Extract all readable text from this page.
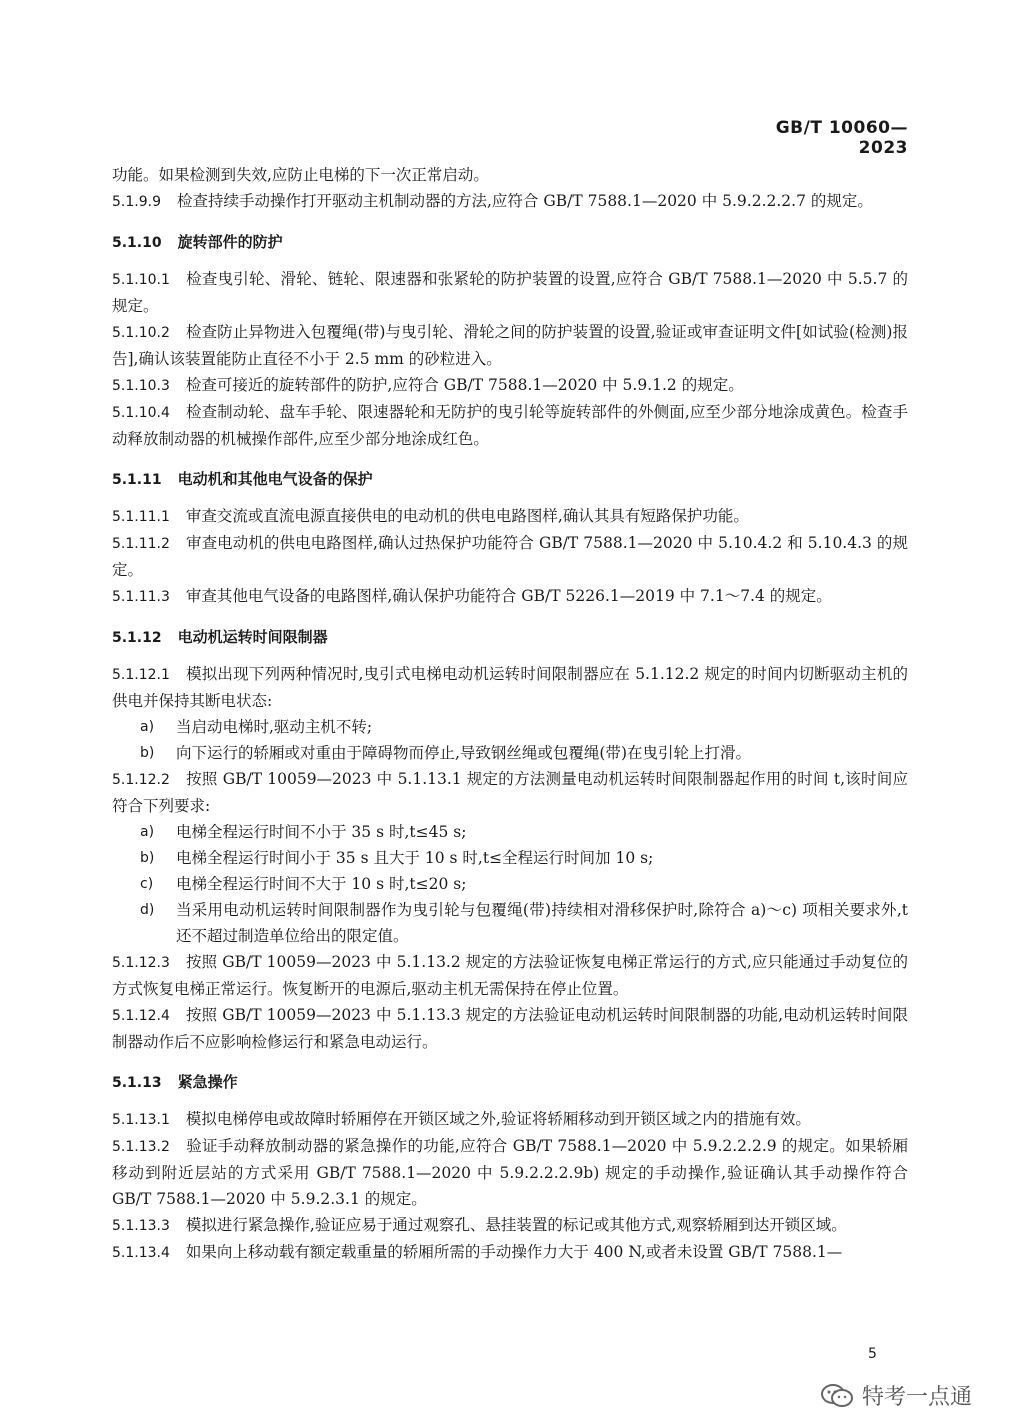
GB/T 10060—2023
功能。如果检测到失效,应防止电梯的下一次正常启动。
5.1.9.9 检查持续手动操作打开驱动主机制动器的方法,应符合 GB/T 7588.1—2020 中 5.9.2.2.2.7 的规定。
5.1.10 旋转部件的防护
5.1.10.1 检查曳引轮、滑轮、链轮、限速器和张紧轮的防护装置的设置,应符合 GB/T 7588.1—2020 中 5.5.7 的规定。
5.1.10.2 检查防止异物进入包覆绳(带)与曳引轮、滑轮之间的防护装置的设置,验证或审查证明文件[如试验(检测)报告],确认该装置能防止直径不小于 2.5 mm 的砂粒进入。
5.1.10.3 检查可接近的旋转部件的防护,应符合 GB/T 7588.1—2020 中 5.9.1.2 的规定。
5.1.10.4 检查制动轮、盘车手轮、限速器轮和无防护的曳引轮等旋转部件的外侧面,应至少部分地涂成黄色。检查手动释放制动器的机械操作部件,应至少部分地涂成红色。
5.1.11 电动机和其他电气设备的保护
5.1.11.1 审查交流或直流电源直接供电的电动机的供电电路图样,确认其具有短路保护功能。
5.1.11.2 审查电动机的供电电路图样,确认过热保护功能符合 GB/T 7588.1—2020 中 5.10.4.2 和 5.10.4.3 的规定。
5.1.11.3 审查其他电气设备的电路图样,确认保护功能符合 GB/T 5226.1—2019 中 7.1～7.4 的规定。
5.1.12 电动机运转时间限制器
5.1.12.1 模拟出现下列两种情况时,曳引式电梯电动机运转时间限制器应在 5.1.12.2 规定的时间内切断驱动主机的供电并保持其断电状态:
a)	当启动电梯时,驱动主机不转;
b)	向下运行的轿厢或对重由于障碍物而停止,导致钢丝绳或包覆绳(带)在曳引轮上打滑。
5.1.12.2 按照 GB/T 10059—2023 中 5.1.13.1 规定的方法测量电动机运转时间限制器起作用的时间 t,该时间应符合下列要求:
a)	电梯全程运行时间不小于 35 s 时,t≤45 s;
b)	电梯全程运行时间小于 35 s 且大于 10 s 时,t≤全程运行时间加 10 s;
c)	电梯全程运行时间不大于 10 s 时,t≤20 s;
d)	当采用电动机运转时间限制器作为曳引轮与包覆绳(带)持续相对滑移保护时,除符合 a)～c) 项相关要求外,t 还不超过制造单位给出的限定值。
5.1.12.3 按照 GB/T 10059—2023 中 5.1.13.2 规定的方法验证恢复电梯正常运行的方式,应只能通过手动复位的方式恢复电梯正常运行。恢复断开的电源后,驱动主机无需保持在停止位置。
5.1.12.4 按照 GB/T 10059—2023 中 5.1.13.3 规定的方法验证电动机运转时间限制器的功能,电动机运转时间限制器动作后不应影响检修运行和紧急电动运行。
5.1.13 紧急操作
5.1.13.1 模拟电梯停电或故障时轿厢停在开锁区域之外,验证将轿厢移动到开锁区域之内的措施有效。
5.1.13.2 验证手动释放制动器的紧急操作的功能,应符合 GB/T 7588.1—2020 中 5.9.2.2.2.9 的规定。如果轿厢移动到附近层站的方式采用 GB/T 7588.1—2020 中 5.9.2.2.2.9b) 规定的手动操作,验证确认其手动操作符合 GB/T 7588.1—2020 中 5.9.2.3.1 的规定。
5.1.13.3 模拟进行紧急操作,验证应易于通过观察孔、悬挂装置的标记或其他方式,观察轿厢到达开锁区域。
5.1.13.4 如果向上移动载有额定载重量的轿厢所需的手动操作力大于 400 N,或者未设置 GB/T 7588.1—
5
特考一点通
